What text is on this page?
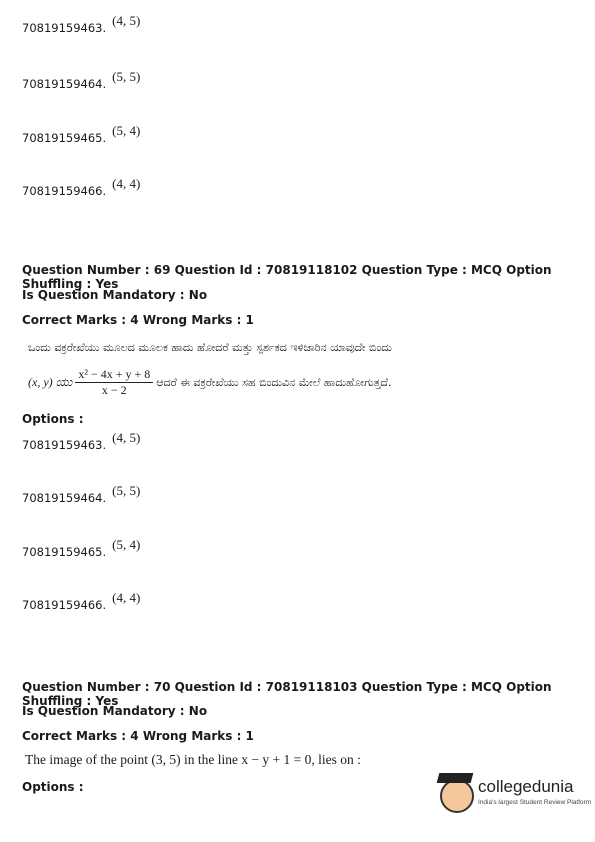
70819159463. (4, 5)
70819159464. (5, 5)
70819159465. (5, 4)
70819159466. (4, 4)
Question Number : 69 Question Id : 70819118102 Question Type : MCQ Option Shuffling : Yes
Is Question Mandatory : No
Correct Marks : 4 Wrong Marks : 1
ಒಂದು ವಕ್ರರೇಖೆಯು ಮೂಲದ ಮೂಲಕ ಹಾದು ಹೋದರೆ ಮತ್ತು ಸ್ಪರ್ಶಕದ ಇಳಿಜಾರಿನ ಯಾವುದೇ ಬಿಂದು
(x, y) ಯು $\frac{\text{x² − 4x + y + 8}}{x - 2}$ ಆದರೆ ಈ ವಕ್ರರೇಖೆಯು ಸಹ ಬಿಂದುವಿನ ಮೇಲೆ ಹಾದುಹೋಗುತ್ತದೆ.
Options :
70819159463. (4, 5)
70819159464. (5, 5)
70819159465. (5, 4)
70819159466. (4, 4)
Question Number : 70 Question Id : 70819118103 Question Type : MCQ Option Shuffling : Yes
Is Question Mandatory : No
Correct Marks : 4 Wrong Marks : 1
The image of the point (3, 5) in the line x − y + 1 = 0, lies on :
Options :	collegedunia
India's largest Student Review Platform
